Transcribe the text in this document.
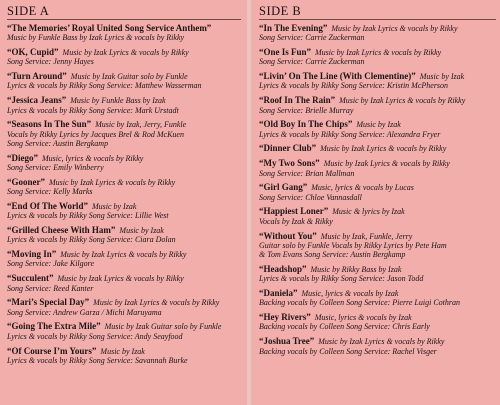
SIDE A
“The Memories’ Royal United Song Service Anthem”
Music by Funkle Bass by Izak Lyrics & vocals by Rikky
“OK, Cupid” Music by Izak Lyrics & vocals by Rikky
Song Service: Jenny Hayes
“Turn Around” Music by Izak Guitar solo by Funkle
Lyrics & vocals by Rikky Song Service: Matthew Wasserman
“Jessica Jeans” Music by Funkle Bass by Izak
Lyrics & vocals by Rikky Song Service: Mark Urstadt
“Seasons In The Sun” Music by Izak, Jerry, Funkle
Vocals by Rikky Lyrics by Jacques Brel & Rod McKuen
Song Service: Austin Bergkamp
“Diego” Music, lyrics & vocals by Rikky
Song Service: Emily Winberry
“Gooner” Music by Izak Lyrics & vocals by Rikky
Song Service: Kelly Marks
“End Of The World” Music by Izak
Lyrics & vocals by Rikky Song Service: Lillie West
“Grilled Cheese With Ham” Music by Izak
Lyrics & vocals by Rikky Song Service: Ciara Dolan
“Moving In” Music by Izak Lyrics & vocals by Rikky
Song Service: Jake Kilgore
“Succulent” Music by Izak Lyrics & vocals by Rikky
Song Service: Reed Kanter
“Mari’s Special Day” Music by Izak Lyrics & vocals by Rikky
Song Service: Andrew Garza / Michi Maruyama
“Going The Extra Mile” Music by Izak Guitar solo by Funkle
Lyrics & vocals by Rikky Song Service: Andy Seayfood
“Of Course I’m Yours” Music by Izak
Lyrics & vocals by Rikky Song Service: Savannah Burke
SIDE B
“In The Evening” Music by Izak Lyrics & vocals by Rikky
Song Service: Carrie Zuckerman
“One Is Fun” Music by Izak Lyrics & vocals by Rikky
Song Service: Carrie Zuckerman
“Livin’ On The Line (With Clementine)” Music by Izak
Lyrics & vocals by Rikky Song Service: Kristin McPherson
“Roof In The Rain” Music by Izak Lyrics & vocals by Rikky
Song Service: Brielle Murray
“Old Boy In The Chips” Music by Izak
Lyrics & vocals by Rikky Song Service: Alexandra Fryer
“Dinner Club” Music by Izak Lyrics & vocals by Rikky
“My Two Sons” Music by Izak Lyrics & vocals by Rikky
Song Service: Brian Mallman
“Girl Gang” Music, lyrics & vocals by Lucas
Song Service: Chloe Vannasdall
“Happiest Loner” Music & lyrics by Izak
Vocals by Izak & Rikky
“Without You” Music by Izak, Funkle, Jerry
Guitar solo by Funkle Vocals by Rikky Lyrics by Pete Ham
& Tom Evans Song Service: Austin Bergkamp
“Headshop” Music by Rikky Bass by Izak
Lyrics & vocals by Rikky Song Service: Jason Todd
“Daniela” Music, lyrics & vocals by Izak
Backing vocals by Colleen Song Service: Pierre Luigi Cothran
“Hey Rivers” Music, lyrics & vocals by Izak
Backing vocals by Colleen Song Service: Chris Early
“Joshua Tree” Music by Izak Lyrics & vocals by Rikky
Backing vocals by Colleen Song Service: Rachel Visger
